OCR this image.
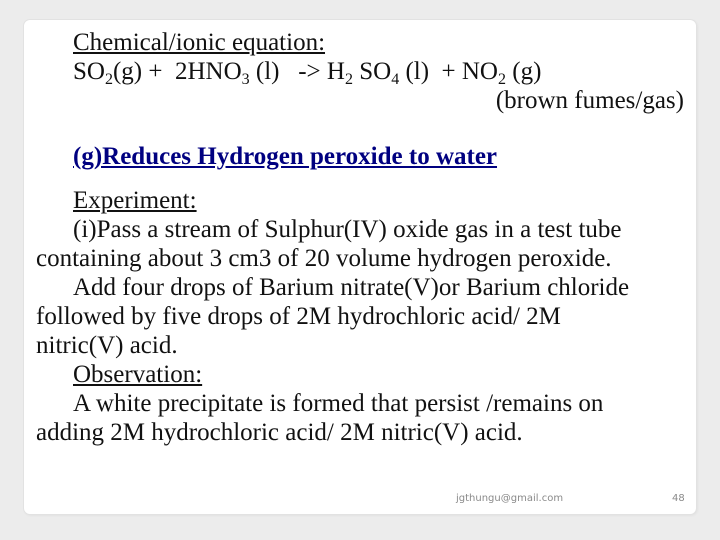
Chemical/ionic equation:
$SO_2(g) + 2HNO_3$ $(l) -> H_2$ $SO_4$ $(l) + NO_2$ (g)
(brown fumes/gas)
(g)Reduces Hydrogen peroxide to water
Experiment:
(i)Pass a stream of Sulphur(IV) oxide gas in a test tube
containing about 3 cm3 of 20 volume hydrogen peroxide.
Add four drops of Barium nitrate(V)or Barium chloride
followed by five drops of 2M hydrochloric acid/ 2M
nitric(V) acid.
Observation:
A white precipitate is formed that persist /remains on
adding 2M hydrochloric acid/ 2M nitric(V) acid.
jgthungu@gmail.com	48
